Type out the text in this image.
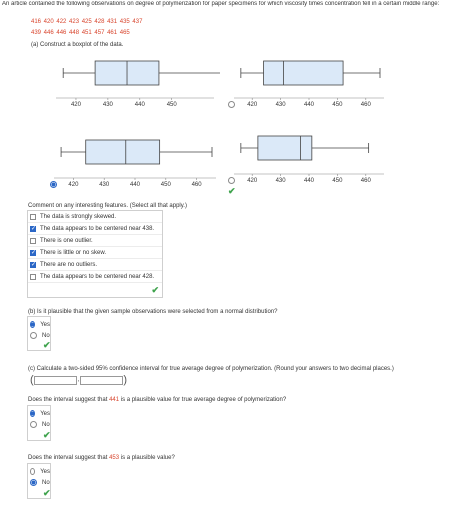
An article contained the following observations on degree of polymerization for paper specimens for which viscosity times concentration fell in a certain middle range:
416 420 422 423 425 428 431 435 437
439 446 446 448 451 457 461 465
(a) Construct a boxplot of the data.
420	430	440	450	420	430	440	450	460
420	430	440	450	460
✔
420	430	440	450	460
Comment on any interesting features. (Select all that apply.)
The data is strongly skewed.
✓ The data appears to be centered near 438.
There is one outlier.
✓ There is little or no skew.
✓ There are no outliers.
The data appears to be centered near 428.
✔
(b) Is it plausible that the given sample observations were selected from a normal distribution?
Yes
No
✔
(c) Calculate a two-sided 95% confidence interval for true average degree of polymerization. (Round your answers to two decimal places.)
(	,	)
Does the interval suggest that 441 is a plausible value for true average degree of polymerization?
Yes
No
✔
Does the interval suggest that 453 is a plausible value?
Yes
No
✔
